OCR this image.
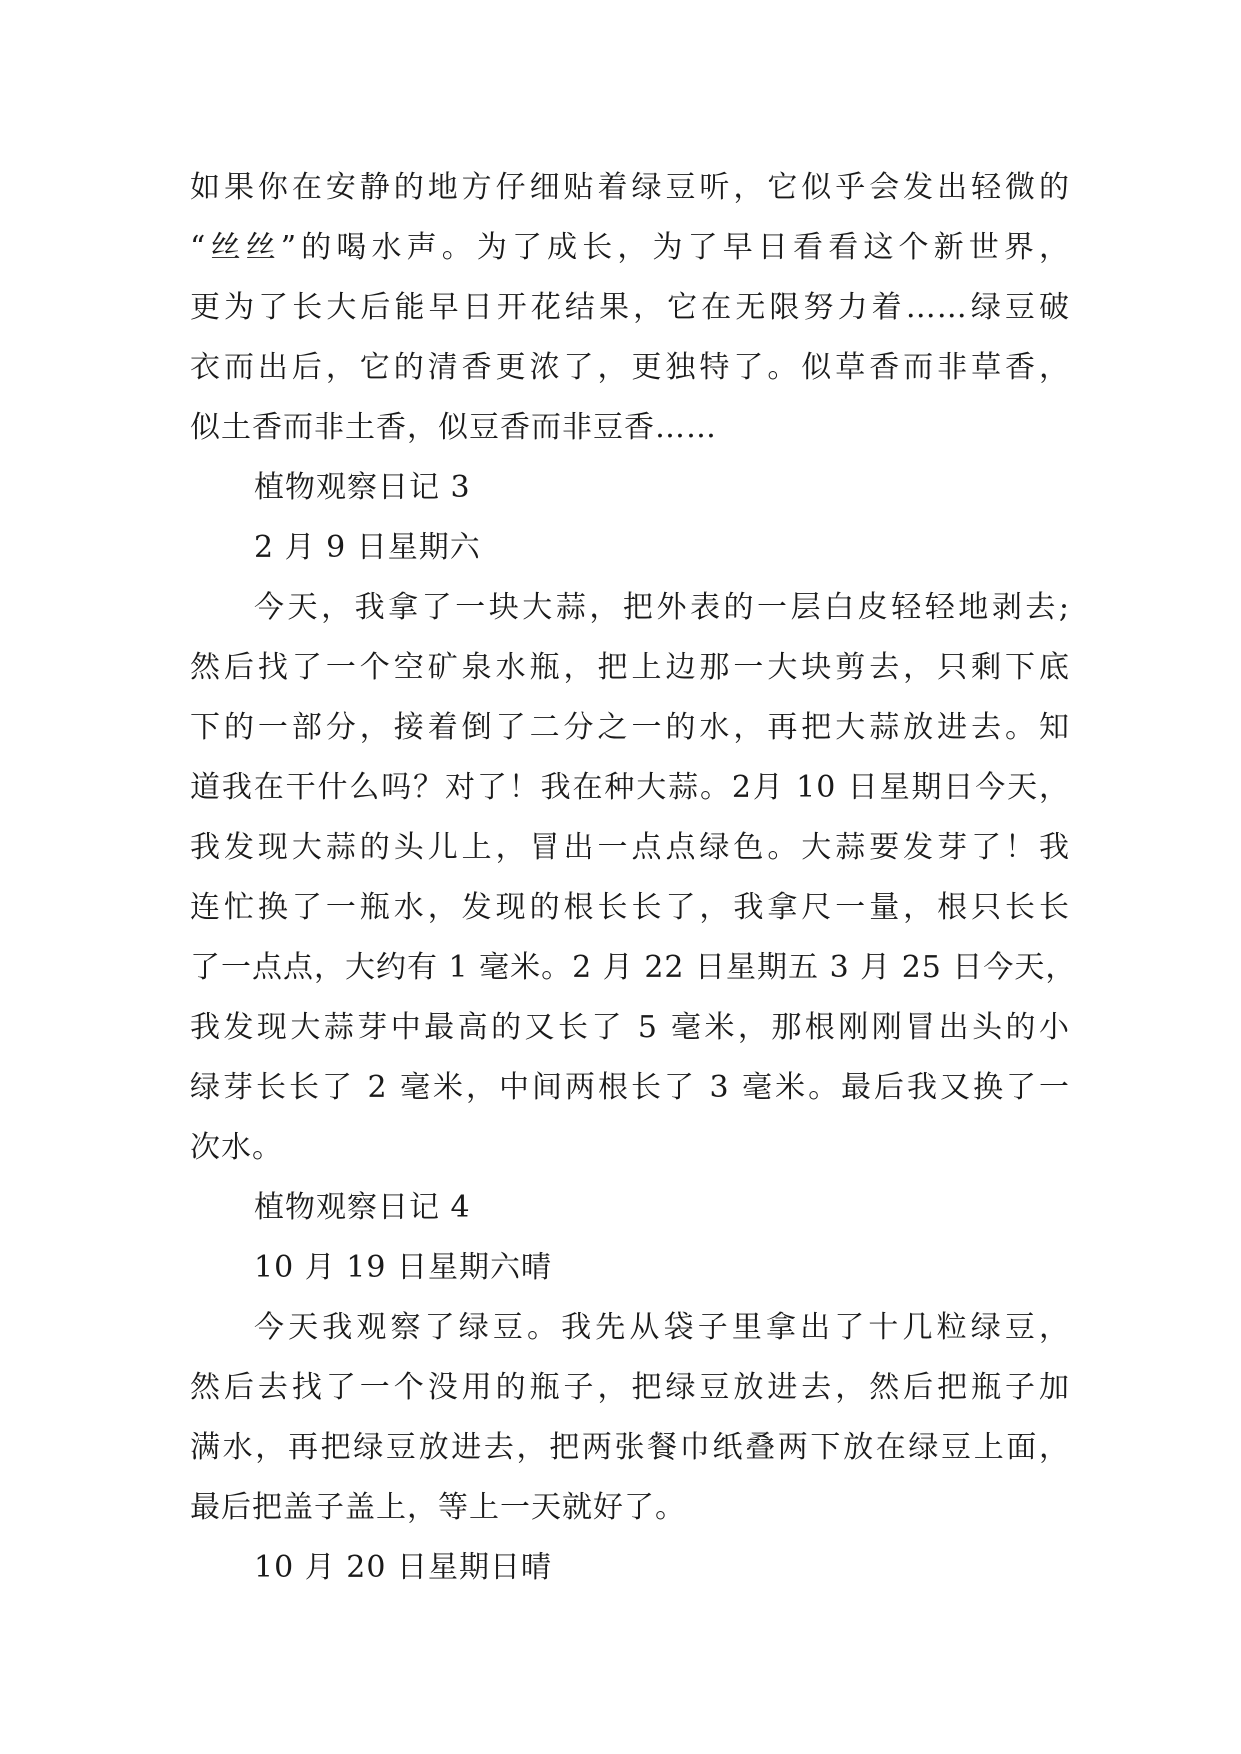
如果你在安静的地方仔细贴着绿豆听，它似乎会发出轻微的
“丝丝”的喝水声。为了成长，为了早日看看这个新世界，
更为了长大后能早日开花结果，它在无限努力着……绿豆破
衣而出后，它的清香更浓了，更独特了。似草香而非草香，
似土香而非土香，似豆香而非豆香……
植物观察日记 3
2 月 9 日星期六
今天，我拿了一块大蒜，把外表的一层白皮轻轻地剥去;
然后找了一个空矿泉水瓶，把上边那一大块剪去，只剩下底
下的一部分，接着倒了二分之一的水，再把大蒜放进去。知
道我在干什么吗？对了！我在种大蒜。2月 10 日星期日今天，
我发现大蒜的头儿上，冒出一点点绿色。大蒜要发芽了！我
连忙换了一瓶水，发现的根长长了，我拿尺一量，根只长长
了一点点，大约有 1 毫米。2 月 22 日星期五 3 月 25 日今天，
我发现大蒜芽中最高的又长了 5 毫米，那根刚刚冒出头的小
绿芽长长了 2 毫米，中间两根长了 3 毫米。最后我又换了一
次水。
植物观察日记 4
10 月 19 日星期六晴
今天我观察了绿豆。我先从袋子里拿出了十几粒绿豆，
然后去找了一个没用的瓶子，把绿豆放进去，然后把瓶子加
满水，再把绿豆放进去，把两张餐巾纸叠两下放在绿豆上面，
最后把盖子盖上，等上一天就好了。
10 月 20 日星期日晴
